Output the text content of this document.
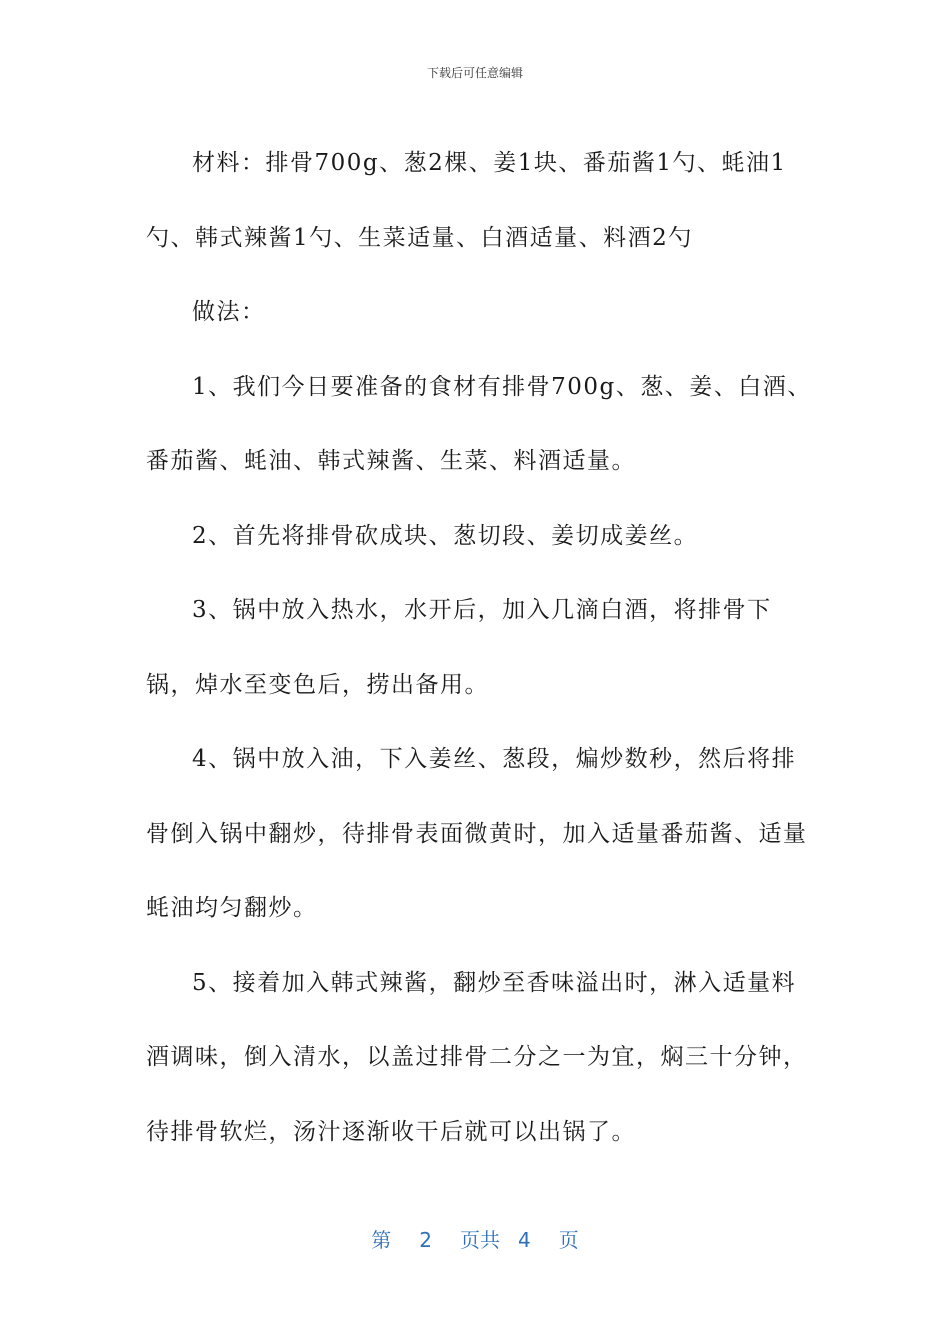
下载后可任意编辑

材料：排骨700g、葱2棵、姜1块、番茄酱1勺、蚝油1勺、韩式辣酱1勺、生菜适量、白酒适量、料酒2勺

做法：

1、我们今日要准备的食材有排骨700g、葱、姜、白酒、番茄酱、蚝油、韩式辣酱、生菜、料酒适量。

2、首先将排骨砍成块、葱切段、姜切成姜丝。

3、锅中放入热水，水开后，加入几滴白酒，将排骨下锅，焯水至变色后，捞出备用。

4、锅中放入油，下入姜丝、葱段，煸炒数秒，然后将排骨倒入锅中翻炒，待排骨表面微黄时，加入适量番茄酱、适量蚝油均匀翻炒。

5、接着加入韩式辣酱，翻炒至香味溢出时，淋入适量料酒调味，倒入清水，以盖过排骨二分之一为宜，焖三十分钟，待排骨软烂，汤汁逐渐收干后就可以出锅了。

第 2 页共 4 页
